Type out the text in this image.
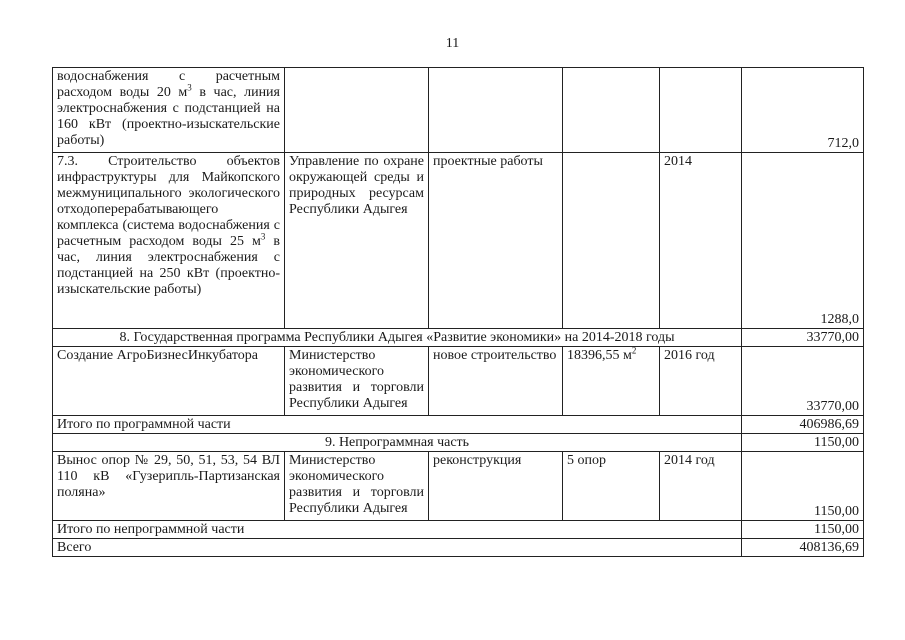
11
водоснабжения с расчетным расходом воды 20 $м^3$ в час, линия электроснабжения с подстанцией на 160 кВт (проектно-изыскательские работы)					712,0
7.3. Строительство объектов инфраструктуры для Майкопского межмуниципального экологического отходоперерабатывающего комплекса (система водоснабжения с расчетным расходом воды 25 $м^3$ в час, линия электроснабжения с подстанцией на 250 кВт (проектно-изыскательские работы)	Управление по охране окружающей среды и природных ресурсам Республики Адыгея	проектные работы		2014	1288,0
8. Государственная программа Республики Адыгея «Развитие экономики» на 2014-2018 годы					33770,00
Создание АгроБизнесИнкубатора	Министерство экономического развития и торговли Республики Адыгея	новое строительство	18396,55 $м^2$	2016 год	33770,00
Итого по программной части					406986,69
9. Непрограммная часть					1150,00
Вынос опор № 29, 50, 51, 53, 54 ВЛ 110 кВ «Гузерипль-Партизанская поляна»	Министерство экономического развития и торговли Республики Адыгея	реконструкция	5 опор	2014 год	1150,00
Итого по непрограммной части					1150,00
Всего					408136,69
